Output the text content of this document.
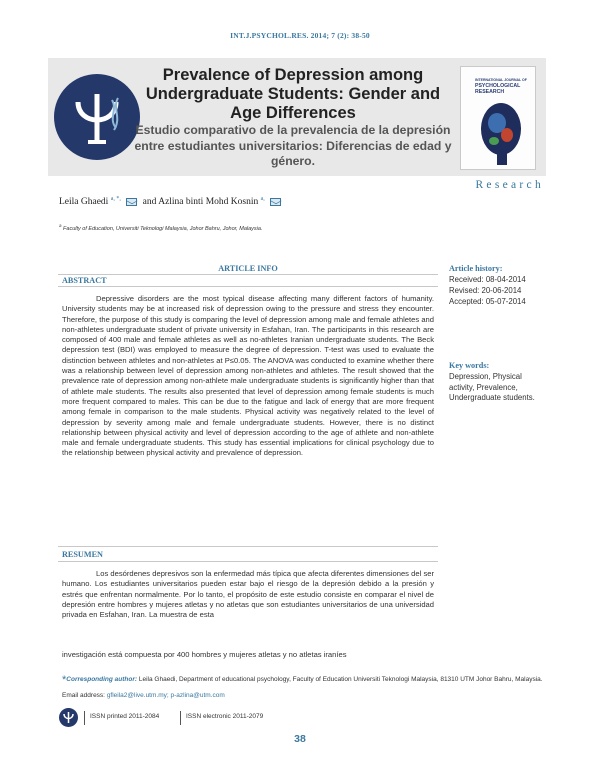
INT.J.PSYCHOL.RES. 2014; 7 (2): 38-50
INTERNATIONAL JOURNAL OF
PSYCHOLOGICAL
RESEARCH
Prevalence of Depression among Undergraduate Students: Gender and Age Differences
Estudio comparativo de la prevalencia de la depresión entre estudiantes universitarios: Diferencias de edad y género.
Research
Leila Ghaedi $^{a, *,}$ and Azlina binti Mohd Kosnin $^{a,}$
$^a$ Faculty of Education, Universiti Teknologi Malaysia, Johor Bahru, Johor, Malaysia.
ARTICLE INFO
ABSTRACT
Depressive disorders are the most typical disease affecting many different factors of humanity. University students may be at increased risk of depression owing to the pressure and stress they encounter. Therefore, the purpose of this study is comparing the level of depression among male and female athletes and non-athletes undergraduate student of private university in Esfahan, Iran. The participants in this research are composed of 400 male and female athletes as well as no-athletes Iranian undergraduate students. The Beck depression test (BDI) was employed to measure the degree of depression. T-test was used to evaluate the distinction between athletes and non-athletes at P≤0.05. The ANOVA was conducted to examine whether there was a relationship between level of depression among non-athletes and athletes. The result showed that the prevalence rate of depression among non-athlete male undergraduate students is significantly higher than that of athlete male students. The results also presented that level of depression among female students is much more frequent compared to males. This can be due to the fatigue and lack of energy that are more frequent among female in comparison to the male students. Physical activity was negatively related to the level of depression by severity among male and female undergraduate students. However, there is no distinct relationship between physical activity and level of depression according to the age of athlete and non-athlete male and female undergraduate students. This study has essential implications for clinical psychology due to the relationship between physical activity and prevalence of depression.
RESUMEN
Los desórdenes depresivos son la enfermedad más típica que afecta diferentes dimensiones del ser humano. Los estudiantes universitarios pueden estar bajo el riesgo de la depresión debido a la presión y estrés que enfrentan normalmente. Por lo tanto, el propósito de este estudio consiste en comparar el nivel de depresión entre hombres y mujeres atletas y no atletas que son estudiantes universitarios de una universidad privada en Esfahan, Iran. La muestra de esta
investigación está compuesta por 400 hombres y mujeres atletas y no atletas iraníes
Article history:
Received: 08-04-2014
Revised: 20-06-2014
Accepted: 05-07-2014
Key words:
Depression, Physical activity, Prevalence, Undergraduate students.
*Corresponding author: Leila Ghaedi, Department of educational psychology, Faculty of Education Universiti Teknologi Malaysia, 81310 UTM Johor Bahru, Malaysia. Email address: gfleila2@live.utm.my; p-azlina@utm.com
ISSN printed 2011-2084	ISSN electronic 2011-2079
38
